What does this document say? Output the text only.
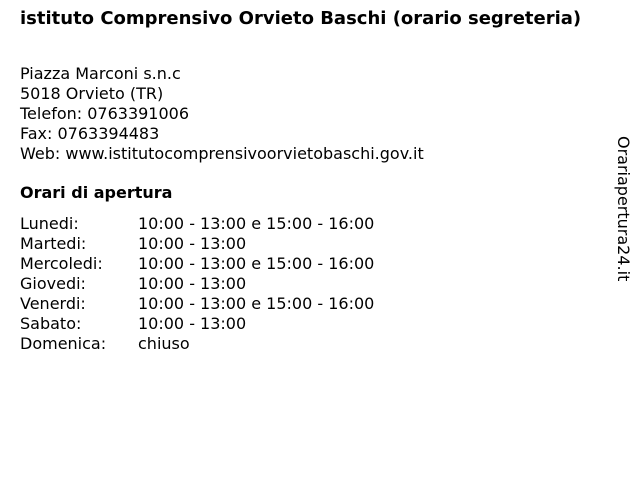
istituto Comprensivo Orvieto Baschi (orario segreteria)
Piazza Marconi s.n.c
5018 Orvieto (TR)
Telefon: 0763391006
Fax: 0763394483
Web: www.istitutocomprensivoorvietobaschi.gov.it
Orari di apertura
Lunedi:	10:00 - 13:00 e 15:00 - 16:00
Martedi:	10:00 - 13:00
Mercoledi:	10:00 - 13:00 e 15:00 - 16:00
Giovedi:	10:00 - 13:00
Venerdi:	10:00 - 13:00 e 15:00 - 16:00
Sabato:	10:00 - 13:00
Domenica:	chiuso
Orariaperturа24.it
